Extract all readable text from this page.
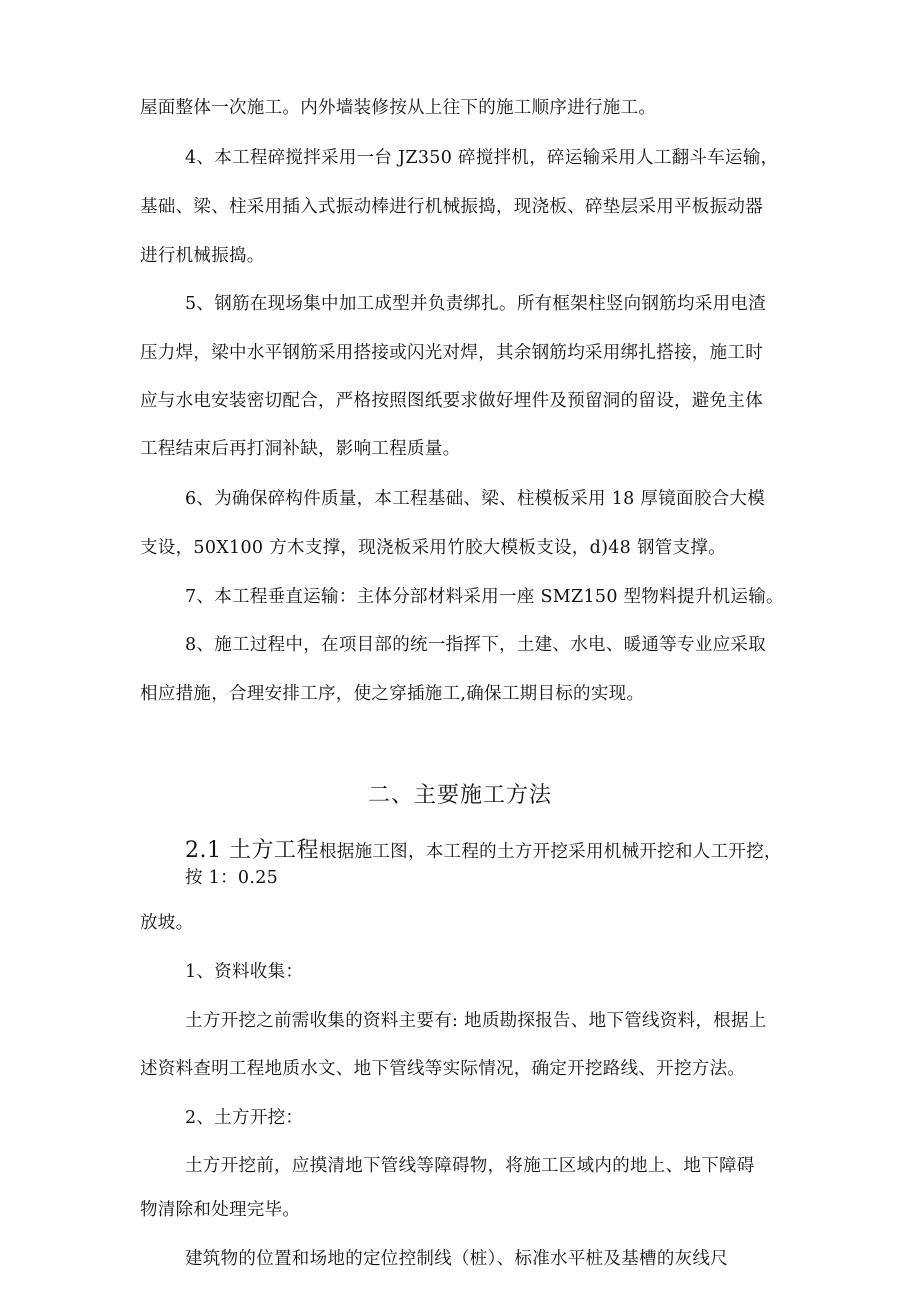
屋面整体一次施工。内外墙装修按从上往下的施工顺序进行施工。
4、本工程碎搅拌采用一台 JZ350 碎搅拌机，碎运输采用人工翻斗车运输，
基础、梁、柱采用插入式振动棒进行机械振捣，现浇板、碎垫层采用平板振动器
进行机械振捣。
5、钢筋在现场集中加工成型并负责绑扎。所有框架柱竖向钢筋均采用电渣
压力焊，梁中水平钢筋采用搭接或闪光对焊，其余钢筋均采用绑扎搭接，施工时
应与水电安装密切配合，严格按照图纸要求做好埋件及预留洞的留设，避免主体
工程结束后再打洞补缺，影响工程质量。
6、为确保碎构件质量，本工程基础、梁、柱模板采用 18 厚镜面胶合大模
支设，50X100 方木支撑，现浇板采用竹胶大模板支设，d)48 钢管支撑。
7、本工程垂直运输：主体分部材料采用一座 SMZ150 型物料提升机运输。
8、施工过程中，在项目部的统一指挥下，土建、水电、暖通等专业应采取
相应措施，合理安排工序，使之穿插施工,确保工期目标的实现。
二、主要施工方法
2.1 土方工程根据施工图，本工程的土方开挖采用机械开挖和人工开挖，
按 1：0.25
放坡。
1、资料收集：
土方开挖之前需收集的资料主要有: 地质勘探报告、地下管线资料，根据上
述资料查明工程地质水文、地下管线等实际情况，确定开挖路线、开挖方法。
2、土方开挖：
土方开挖前，应摸清地下管线等障碍物，将施工区域内的地上、地下障碍
物清除和处理完毕。
建筑物的位置和场地的定位控制线（桩）、标准水平桩及基槽的灰线尺
